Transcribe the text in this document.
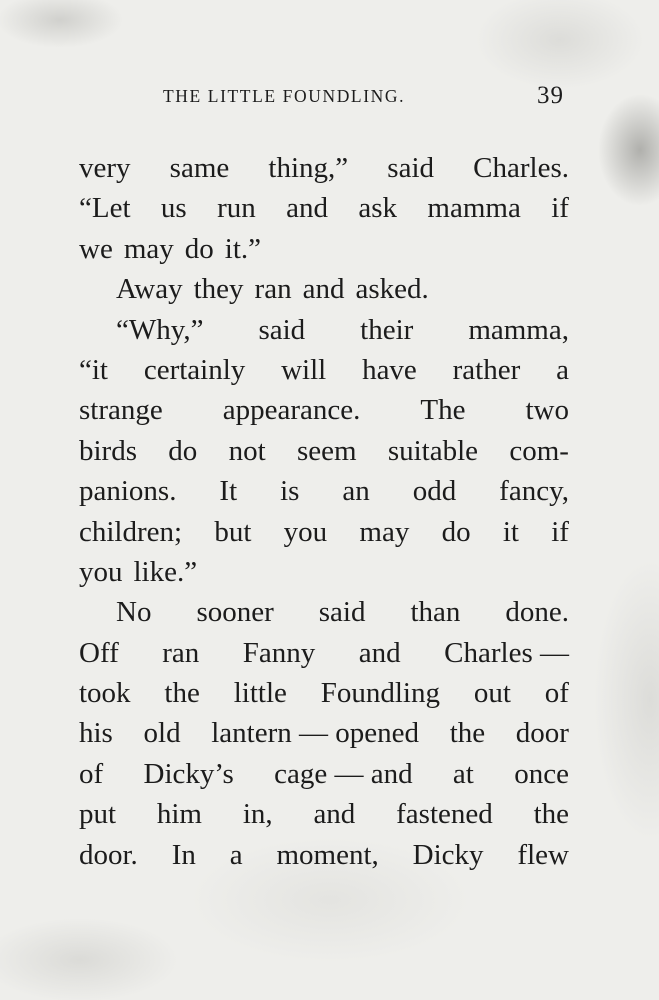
THE LITTLE FOUNDLING.	39
very same thing,” said Charles.
“Let us run and ask mamma if
we may do it.”
Away they ran and asked.
“Why,” said their mamma,
“it certainly will have rather a
strange appearance. The two
birds do not seem suitable com-
panions. It is an odd fancy,
children; but you may do it if
you like.”
No sooner said than done.
Off ran Fanny and Charles —
took the little Foundling out of
his old lantern — opened the door
of Dicky’s cage — and at once
put him in, and fastened the
door. In a moment, Dicky flew
